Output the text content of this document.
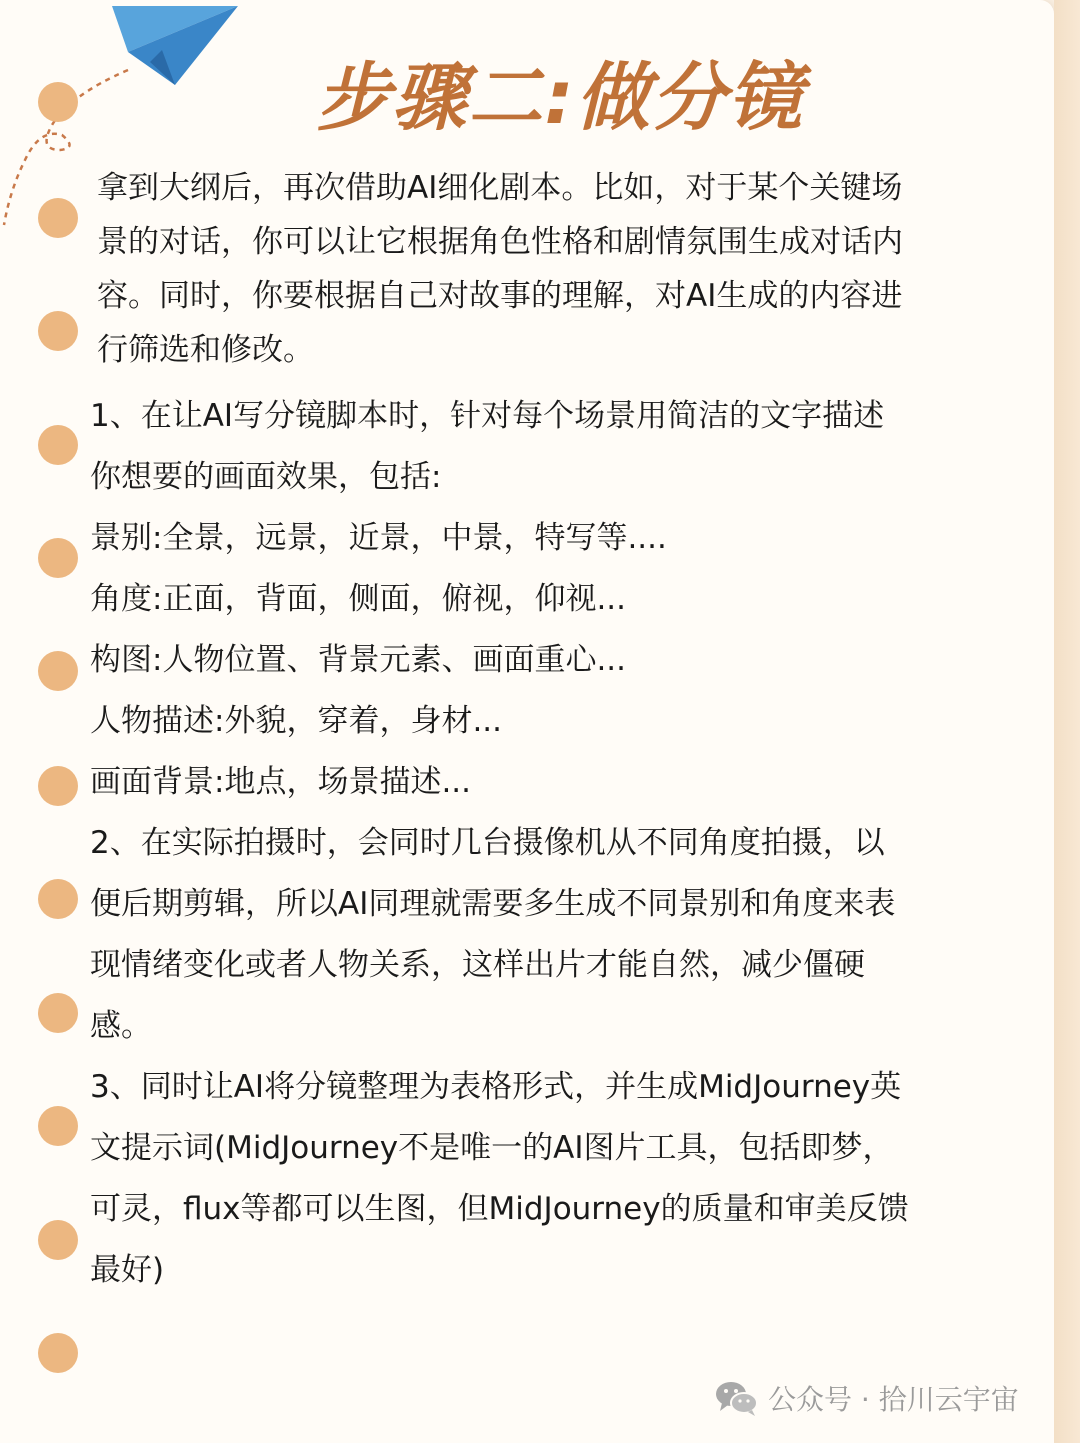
步骤二:做分镜
拿到大纲后，再次借助AI细化剧本。比如，对于某个关键场
景的对话，你可以让它根据角色性格和剧情氛围生成对话内
容。同时，你要根据自己对故事的理解，对AI生成的内容进
行筛选和修改。
1、在让AI写分镜脚本时，针对每个场景用简洁的文字描述
你想要的画面效果，包括:
景别:全景，远景，近景，中景，特写等....
角度:正面，背面，侧面，俯视，仰视...
构图:人物位置、背景元素、画面重心...
人物描述:外貌，穿着，身材...
画面背景:地点，场景描述...
2、在实际拍摄时，会同时几台摄像机从不同角度拍摄，以
便后期剪辑，所以AI同理就需要多生成不同景别和角度来表
现情绪变化或者人物关系，这样出片才能自然，减少僵硬
感。
3、同时让AI将分镜整理为表格形式，并生成MidJourney英
文提示词(MidJourney不是唯一的AI图片工具，包括即梦，
可灵，flux等都可以生图，但MidJourney的质量和审美反馈
最好)
公众号 · 拾川云宇宙
